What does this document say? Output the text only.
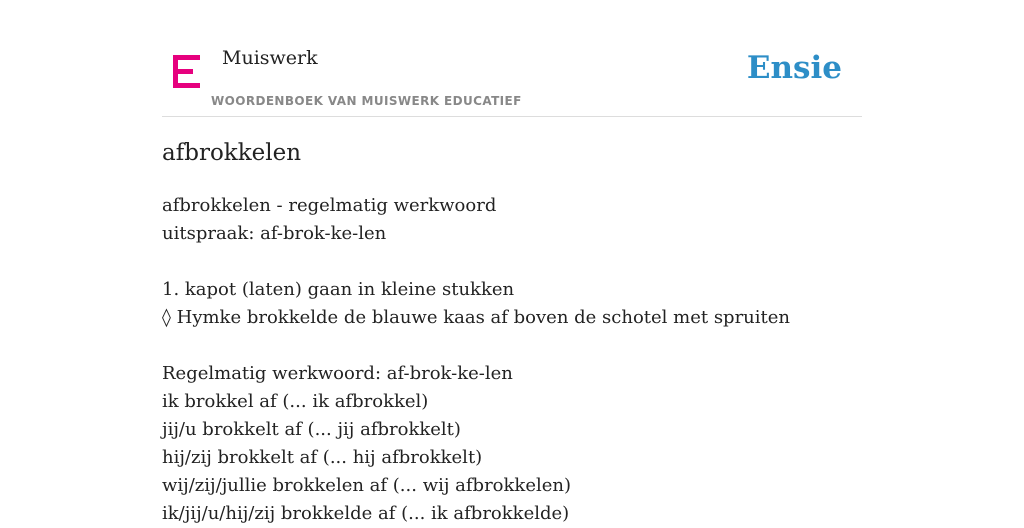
Muiswerk
WOORDENBOEK VAN MUISWERK EDUCATIEF
Ensie
afbrokkelen
afbrokkelen - regelmatig werkwoord
uitspraak: af-brok-ke-len
1. kapot (laten) gaan in kleine stukken
◊ Hymke brokkelde de blauwe kaas af boven de schotel met spruiten
Regelmatig werkwoord: af-brok-ke-len
ik brokkel af (... ik afbrokkel)
jij/u brokkelt af (... jij afbrokkelt)
hij/zij brokkelt af (... hij afbrokkelt)
wij/zij/jullie brokkelen af (... wij afbrokkelen)
ik/jij/u/hij/zij brokkelde af (... ik afbrokkelde)
